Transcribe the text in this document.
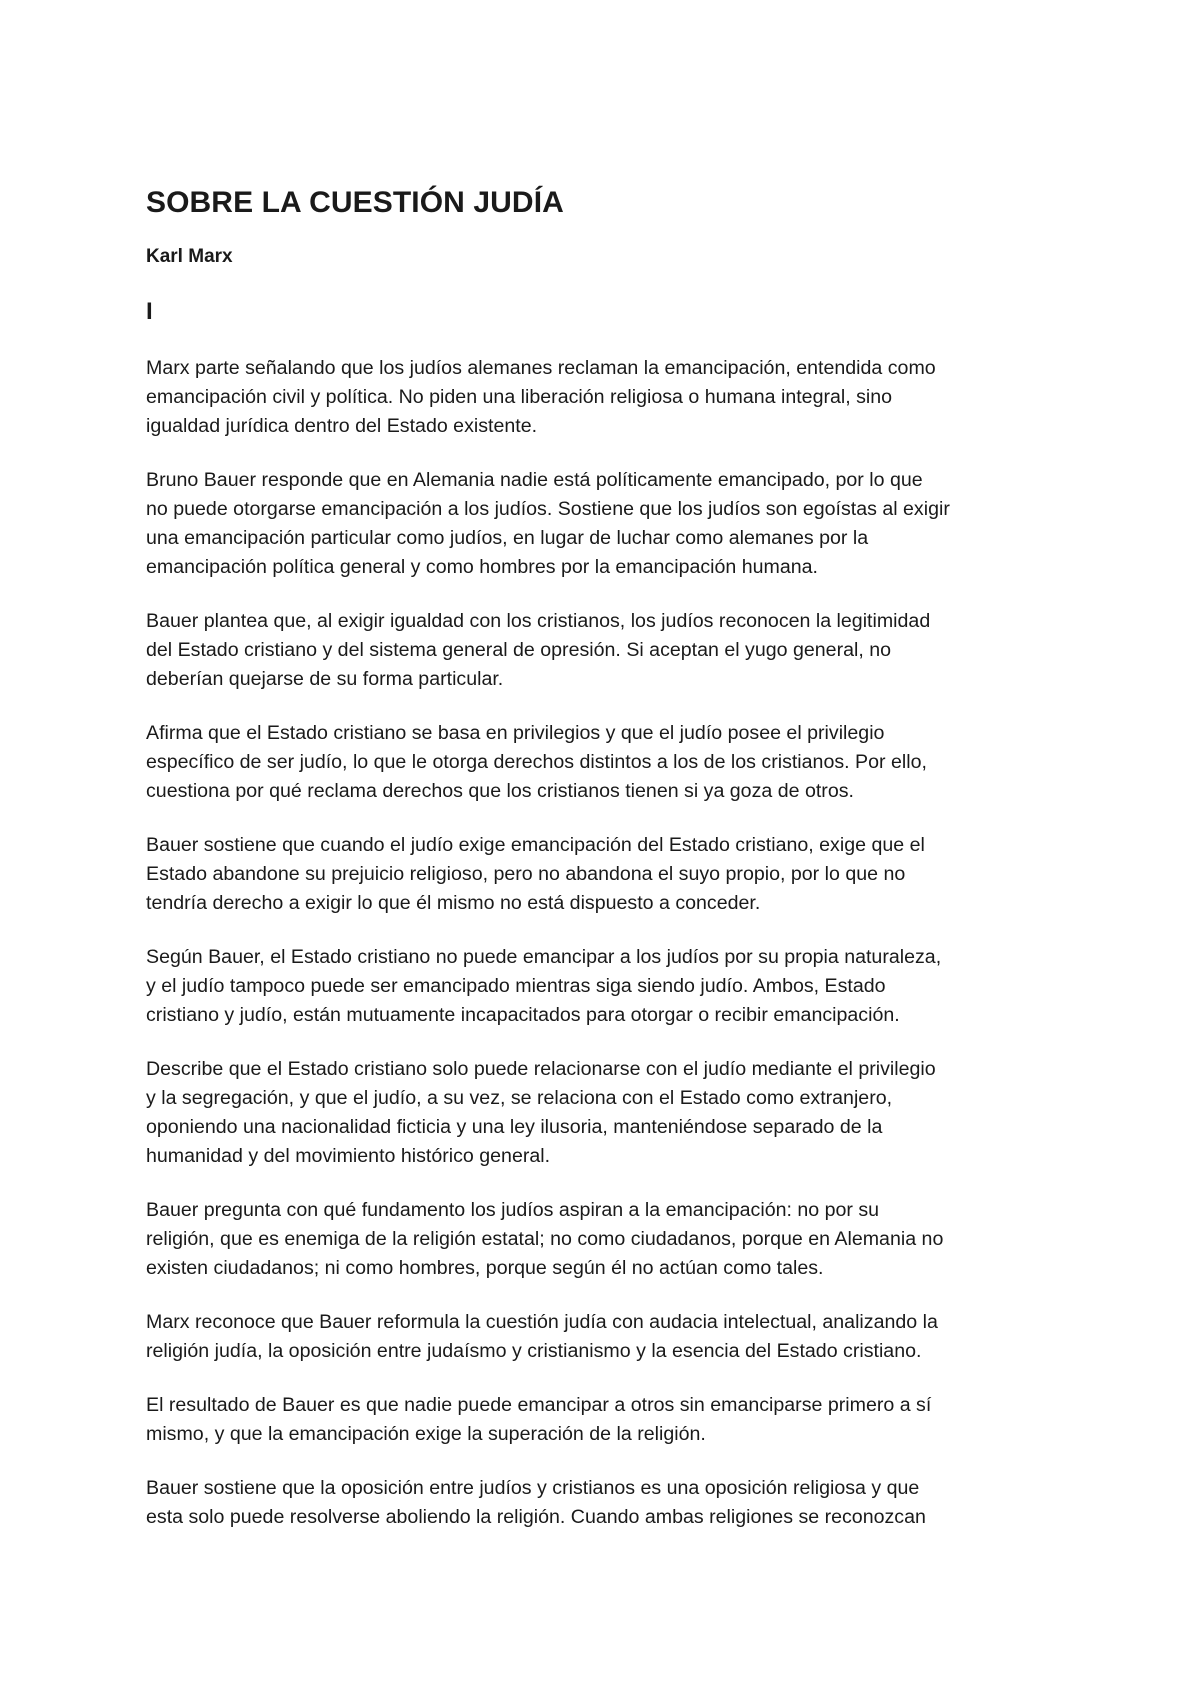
SOBRE LA CUESTIÓN JUDÍA
Karl Marx
I
Marx parte señalando que los judíos alemanes reclaman la emancipación, entendida como
emancipación civil y política. No piden una liberación religiosa o humana integral, sino
igualdad jurídica dentro del Estado existente.
Bruno Bauer responde que en Alemania nadie está políticamente emancipado, por lo que
no puede otorgarse emancipación a los judíos. Sostiene que los judíos son egoístas al exigir
una emancipación particular como judíos, en lugar de luchar como alemanes por la
emancipación política general y como hombres por la emancipación humana.
Bauer plantea que, al exigir igualdad con los cristianos, los judíos reconocen la legitimidad
del Estado cristiano y del sistema general de opresión. Si aceptan el yugo general, no
deberían quejarse de su forma particular.
Afirma que el Estado cristiano se basa en privilegios y que el judío posee el privilegio
específico de ser judío, lo que le otorga derechos distintos a los de los cristianos. Por ello,
cuestiona por qué reclama derechos que los cristianos tienen si ya goza de otros.
Bauer sostiene que cuando el judío exige emancipación del Estado cristiano, exige que el
Estado abandone su prejuicio religioso, pero no abandona el suyo propio, por lo que no
tendría derecho a exigir lo que él mismo no está dispuesto a conceder.
Según Bauer, el Estado cristiano no puede emancipar a los judíos por su propia naturaleza,
y el judío tampoco puede ser emancipado mientras siga siendo judío. Ambos, Estado
cristiano y judío, están mutuamente incapacitados para otorgar o recibir emancipación.
Describe que el Estado cristiano solo puede relacionarse con el judío mediante el privilegio
y la segregación, y que el judío, a su vez, se relaciona con el Estado como extranjero,
oponiendo una nacionalidad ficticia y una ley ilusoria, manteniéndose separado de la
humanidad y del movimiento histórico general.
Bauer pregunta con qué fundamento los judíos aspiran a la emancipación: no por su
religión, que es enemiga de la religión estatal; no como ciudadanos, porque en Alemania no
existen ciudadanos; ni como hombres, porque según él no actúan como tales.
Marx reconoce que Bauer reformula la cuestión judía con audacia intelectual, analizando la
religión judía, la oposición entre judaísmo y cristianismo y la esencia del Estado cristiano.
El resultado de Bauer es que nadie puede emancipar a otros sin emanciparse primero a sí
mismo, y que la emancipación exige la superación de la religión.
Bauer sostiene que la oposición entre judíos y cristianos es una oposición religiosa y que
esta solo puede resolverse aboliendo la religión. Cuando ambas religiones se reconozcan
